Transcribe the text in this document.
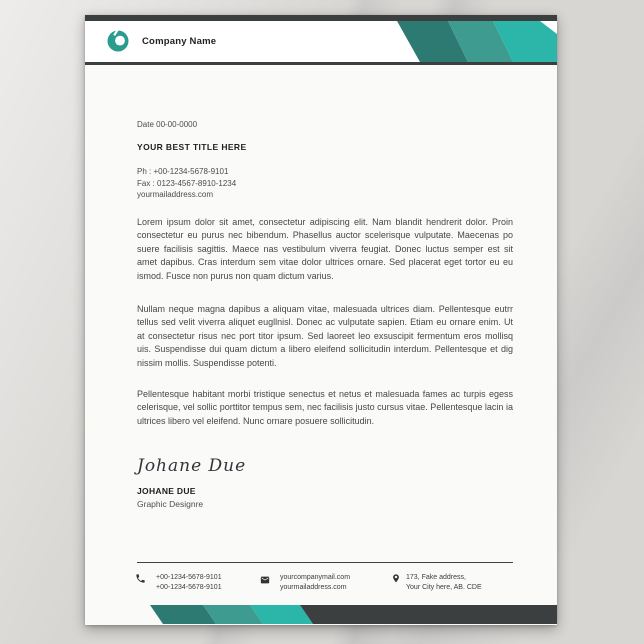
Company Name
Date 00-00-0000
YOUR BEST TITLE HERE
Ph : +00-1234-5678-9101
Fax : 0123-4567-8910-1234
yourmailaddress.com
Lorem ipsum dolor sit amet, consectetur adipiscing elit. Nam blandit hendrerit dolor. Proin consectetur eu purus nec bibendum. Phasellus auctor scelerisque vulputate. Maecenas po suere facilisis sagittis. Maece nas vestibulum viverra feugiat. Donec luctus semper est sit amet dapibus. Cras interdum sem vitae dolor ultrices ornare. Sed placerat eget tortor eu eu ismod. Fusce non purus non quam dictum varius.
Nullam neque magna dapibus a aliquam vitae, malesuada ultrices diam. Pellentesque eutrr tellus sed velit viverra aliquet eugllnisl. Donec ac vulputate sapien. Etiam eu ornare enim. Ut at consectetur risus nec port titor ipsum. Sed laoreet leo exsuscipit fermentum eros mollisq uis. Suspendisse dui quam dictum a libero eleifend sollicitudin interdum. Pellentesque et dig nissim mollis. Suspendisse potenti.
Pellentesque habitant morbi tristique senectus et netus et malesuada fames ac turpis egess celerisque, vel sollic porttitor tempus sem, nec facilisis justo cursus vitae. Pellentesque lacin ia ultrices libero vel eleifend. Nunc ornare posuere sollicitudin.
Johane Due
JOHANE DUE
Graphic Designre
+00-1234-5678-9101
+00-1234-5678-9101
yourcompanymail.com
yourmailaddress.com
173, Fake address,
Your City here, AB. CDE
